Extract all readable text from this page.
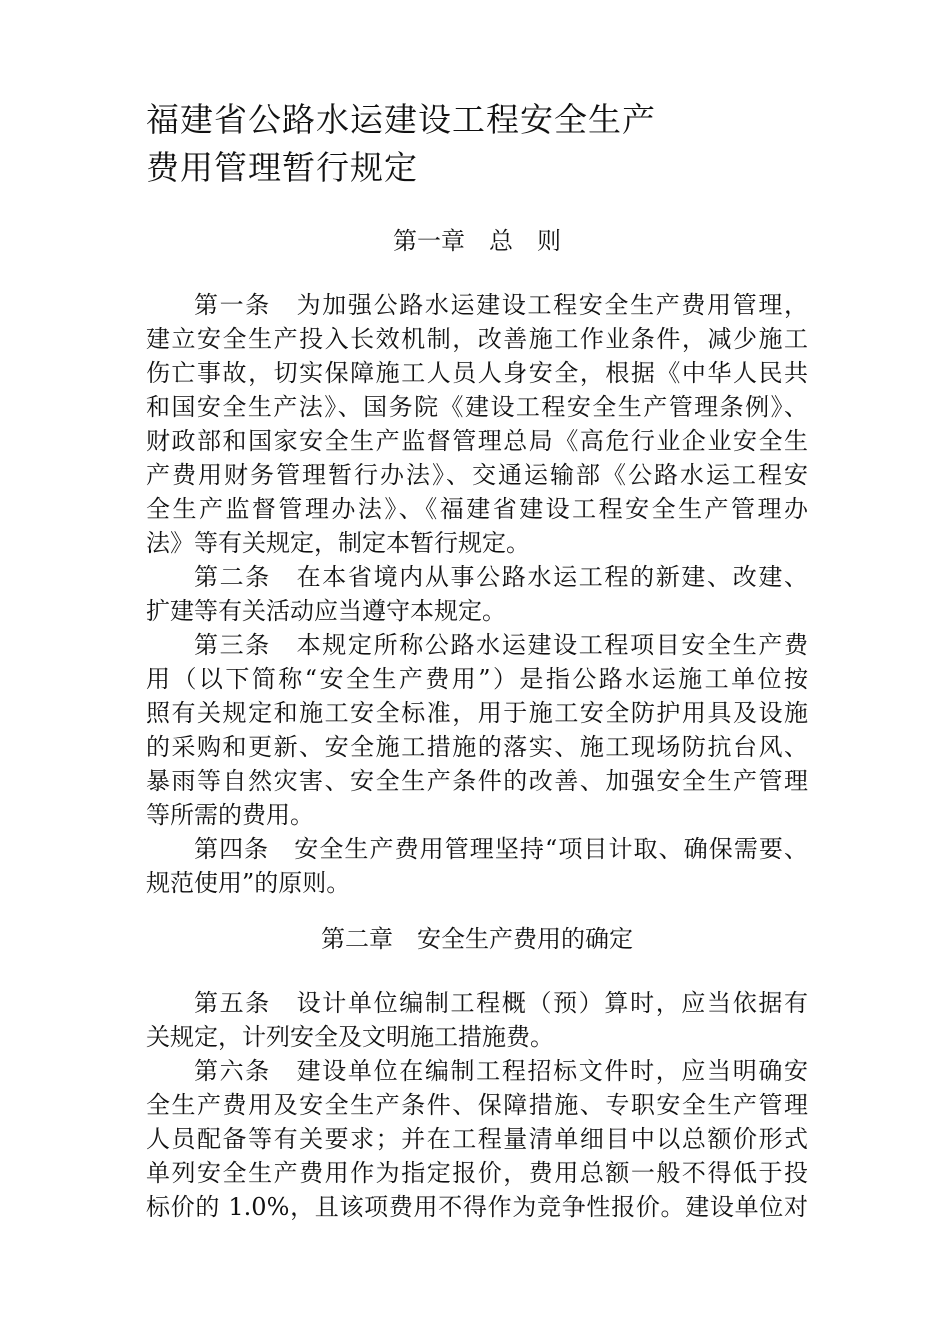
福建省公路水运建设工程安全生产
费用管理暂行规定
第一章　总　则

第一条　为加强公路水运建设工程安全生产费用管理，

建立安全生产投入长效机制，改善施工作业条件，减少施工

伤亡事故，切实保障施工人员人身安全，根据《中华人民共

和国安全生产法》、国务院《建设工程安全生产管理条例》、

财政部和国家安全生产监督管理总局《高危行业企业安全生

产费用财务管理暂行办法》、交通运输部《公路水运工程安

全生产监督管理办法》、《福建省建设工程安全生产管理办

法》等有关规定，制定本暂行规定。

第二条　在本省境内从事公路水运工程的新建、改建、

扩建等有关活动应当遵守本规定。

第三条　本规定所称公路水运建设工程项目安全生产费

用（以下简称“安全生产费用”）是指公路水运施工单位按

照有关规定和施工安全标准，用于施工安全防护用具及设施

的采购和更新、安全施工措施的落实、施工现场防抗台风、

暴雨等自然灾害、安全生产条件的改善、加强安全生产管理

等所需的费用。

第四条　安全生产费用管理坚持“项目计取、确保需要、

规范使用”的原则。

第二章　安全生产费用的确定

第五条　设计单位编制工程概（预）算时，应当依据有

关规定，计列安全及文明施工措施费。

第六条　建设单位在编制工程招标文件时，应当明确安

全生产费用及安全生产条件、保障措施、专职安全生产管理

人员配备等有关要求；并在工程量清单细目中以总额价形式

单列安全生产费用作为指定报价，费用总额一般不得低于投

标价的 1.0%，且该项费用不得作为竞争性报价。建设单位对
